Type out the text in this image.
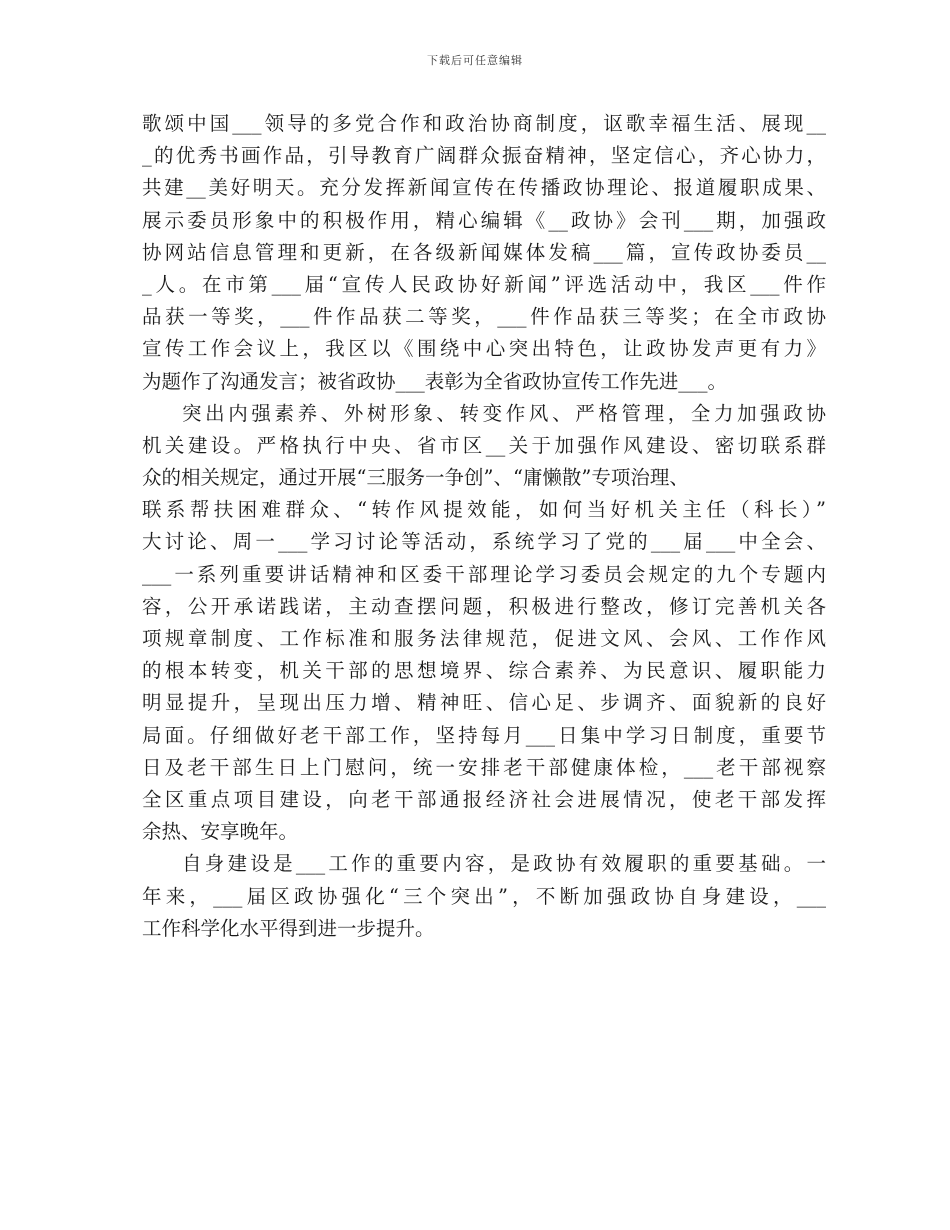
下载后可任意编辑
歌颂中国___领导的多党合作和政治协商制度，讴歌幸福生活、展现__
_的优秀书画作品，引导教育广阔群众振奋精神，坚定信心，齐心协力，
共建__美好明天。充分发挥新闻宣传在传播政协理论、报道履职成果、
展示委员形象中的积极作用，精心编辑《__政协》会刊___期，加强政
协网站信息管理和更新，在各级新闻媒体发稿___篇，宣传政协委员__
_人。在市第___届“宣传人民政协好新闻”评选活动中，我区___件作
品获一等奖，___件作品获二等奖，___件作品获三等奖；在全市政协
宣传工作会议上，我区以《围绕中心突出特色，让政协发声更有力》
为题作了沟通发言；被省政协___表彰为全省政协宣传工作先进___。
突出内强素养、外树形象、转变作风、严格管理，全力加强政协
机关建设。严格执行中央、省市区__关于加强作风建设、密切联系群
众的相关规定，通过开展“三服务一争创”、“庸懒散”专项治理、
联系帮扶困难群众、“转作风提效能，如何当好机关主任（科长）”
大讨论、周一___学习讨论等活动，系统学习了党的___届___中全会、
___一系列重要讲话精神和区委干部理论学习委员会规定的九个专题内
容，公开承诺践诺，主动查摆问题，积极进行整改，修订完善机关各
项规章制度、工作标准和服务法律规范，促进文风、会风、工作作风
的根本转变，机关干部的思想境界、综合素养、为民意识、履职能力
明显提升，呈现出压力增、精神旺、信心足、步调齐、面貌新的良好
局面。仔细做好老干部工作，坚持每月___日集中学习日制度，重要节
日及老干部生日上门慰问，统一安排老干部健康体检，___老干部视察
全区重点项目建设，向老干部通报经济社会进展情况，使老干部发挥
余热、安享晚年。
自身建设是___工作的重要内容，是政协有效履职的重要基础。一
年来，___届区政协强化“三个突出”，不断加强政协自身建设，___
工作科学化水平得到进一步提升。
